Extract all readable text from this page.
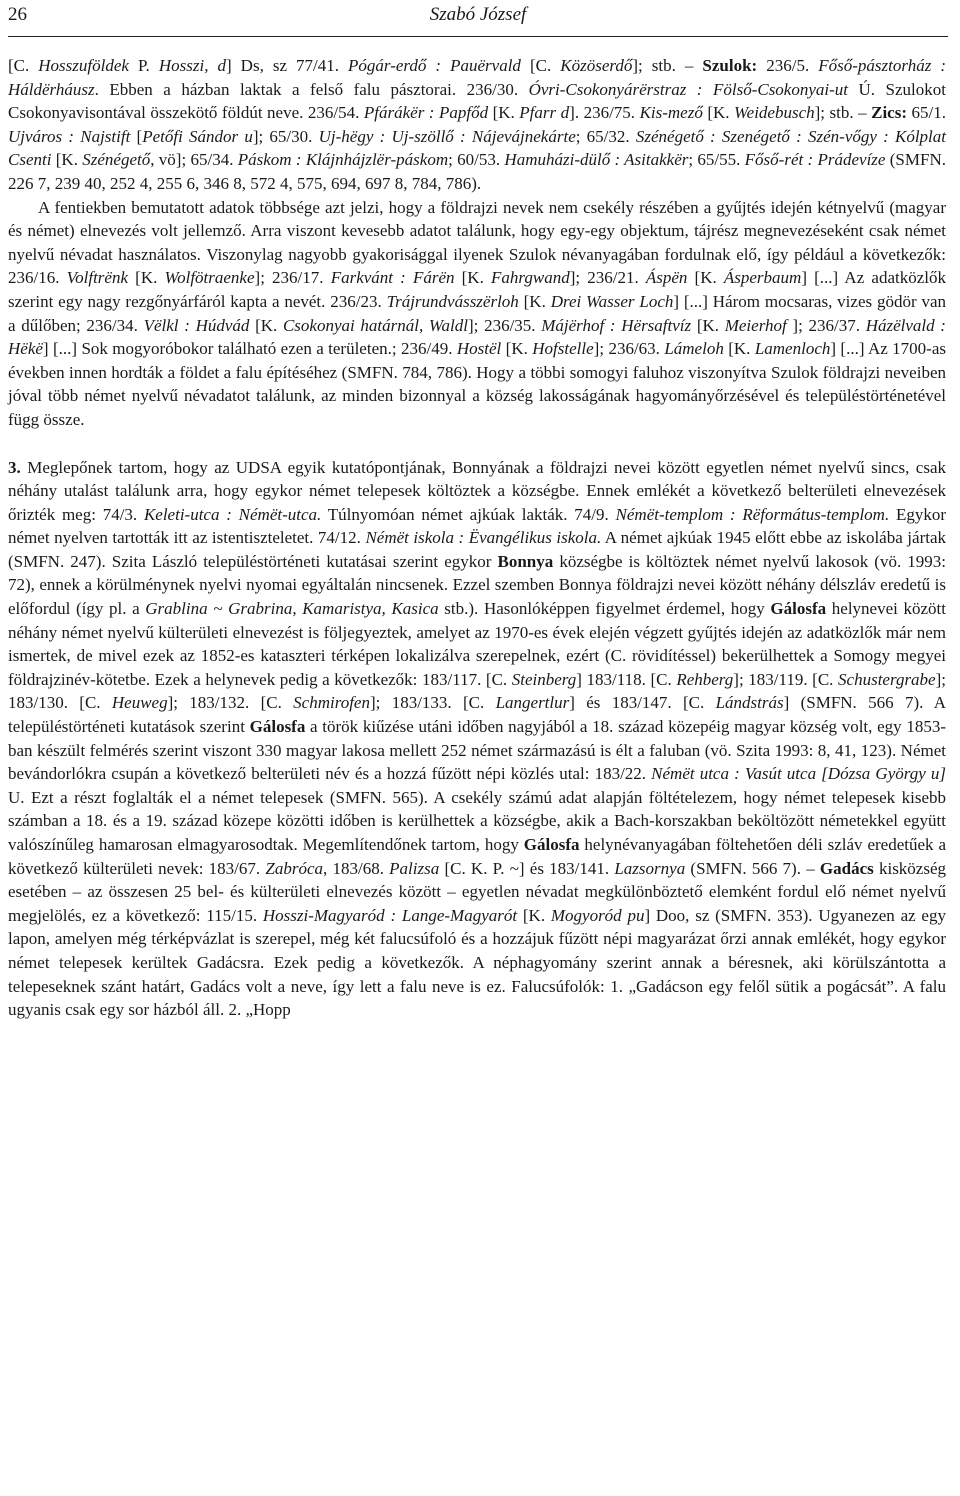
26	Szabó József

[C. Hosszuföldek P. Hosszi, d] Ds, sz 77/41. Pógár-erdő : Pauërvald [C. Közöserdő]; stb. – Szulok: 236/5. Főső-pásztorház : Háldërháusz. Ebben a házban laktak a felső falu pásztorai. 236/30. Óvri-Csokonyárërstraz : Fölső-Csokonyai-ut Ú. Szulokot Csokonyavisontával összekötő földút neve. 236/54. Pfárákër : Papfőd [K. Pfarr d]. 236/75. Kis-mező [K. Weidebusch]; stb. – Zics: 65/1. Ujváros : Najstift [Petőfi Sándor u]; 65/30. Uj-hëgy : Uj-szöllő : Nájevájnekárte; 65/32. Szénégető : Szenégető : Szén-vőgy : Kólplat Csenti [K. Szénégető, vö]; 65/34. Páskom : Klájnhájzlër-páskom; 60/53. Hamuházi-dülő : Asitakkër; 65/55. Főső-rét : Prádevíze (SMFN. 226 7, 239 40, 252 4, 255 6, 346 8, 572 4, 575, 694, 697 8, 784, 786).

A fentiekben bemutatott adatok többsége azt jelzi, hogy a földrajzi nevek nem csekély részében a gyűjtés idején kétnyelvű (magyar és német) elnevezés volt jellemző. Arra viszont kevesebb adatot találunk, hogy egy-egy objektum, tájrész megnevezéseként csak német nyelvű névadat használatos. Viszonylag nagyobb gyakorisággal ilyenek Szulok névanyagában fordulnak elő, így például a következők: 236/16. Volftrënk [K. Wolfötraenke]; 236/17. Farkvánt : Fárën [K. Fahrgwand]; 236/21. Áspën [K. Ásperbaum] [...] Az adatközlők szerint egy nagy rezgőnyárfáról kapta a nevét. 236/23. Trájrundvásszërloh [K. Drei Wasser Loch] [...] Három mocsaras, vizes gödör van a dűlőben; 236/34. Vëlkl : Húdvád [K. Csokonyai határnál, Waldl]; 236/35. Májërhof : Hërsaftvíz [K. Meierhof ]; 236/37. Házëlvald : Hëkë] [...] Sok mogyoróbokor található ezen a területen.; 236/49. Hostël [K. Hofstelle]; 236/63. Lámeloh [K. Lamenloch] [...] Az 1700-as években innen hordták a földet a falu építéséhez (SMFN. 784, 786). Hogy a többi somogyi faluhoz viszonyítva Szulok földrajzi neveiben jóval több német nyelvű névadatot találunk, az minden bizonnyal a község lakosságának hagyományőrzésével és településtörténetével függ össze.

3. Meglepőnek tartom, hogy az UDSA egyik kutatópontjának, Bonnyának a földrajzi nevei között egyetlen német nyelvű sincs, csak néhány utalást találunk arra, hogy egykor német telepesek költöztek a községbe. Ennek emlékét a következő belterületi elnevezések őrizték meg: 74/3. Keleti-utca : Némët-utca. Túlnyomóan német ajkúak lakták. 74/9. Némët-templom : Rëformátus-templom. Egykor német nyelven tartották itt az istentiszteletet. 74/12. Némët iskola : Ëvangélikus iskola. A német ajkúak 1945 előtt ebbe az iskolába jártak (SMFN. 247). Szita László településtörténeti kutatásai szerint egykor Bonnya községbe is költöztek német nyelvű lakosok (vö. 1993: 72), ennek a körülménynek nyelvi nyomai egyáltalán nincsenek. Ezzel szemben Bonnya földrajzi nevei között néhány délszláv eredetű is előfordul (így pl. a Grablina ~ Grabrina, Kamaristya, Kasica stb.). Hasonlóképpen figyelmet érdemel, hogy Gálosfa helynevei között néhány német nyelvű külterületi elnevezést is följegyeztek, amelyet az 1970-es évek elején végzett gyűjtés idején az adatközlők már nem ismertek, de mivel ezek az 1852-es kataszteri térképen lokalizálva szerepelnek, ezért (C. rövidítéssel) bekerülhettek a Somogy megyei földrajzinév-kötetbe. Ezek a helynevek pedig a következők: 183/117. [C. Steinberg] 183/118. [C. Rehberg]; 183/119. [C. Schustergrabe]; 183/130. [C. Heuweg]; 183/132. [C. Schmirofen]; 183/133. [C. Langertlur] és 183/147. [C. Lándstrás] (SMFN. 566 7). A településtörténeti kutatások szerint Gálosfa a török kiűzése utáni időben nagyjából a 18. század közepéig magyar község volt, egy 1853-ban készült felmérés szerint viszont 330 magyar lakosa mellett 252 német származású is élt a faluban (vö. Szita 1993: 8, 41, 123). Német bevándorlókra csupán a következő belterületi név és a hozzá fűzött népi közlés utal: 183/22. Némët utca : Vasút utca [Dózsa György u] U. Ezt a részt foglalták el a német telepesek (SMFN. 565). A csekély számú adat alapján föltételezem, hogy német telepesek kisebb számban a 18. és a 19. század közepe közötti időben is kerülhettek a községbe, akik a Bach-korszakban beköltözött németekkel együtt valószínűleg hamarosan elmagyarosodtak. Megemlítendőnek tartom, hogy Gálosfa helynévanyagában föltehetően déli szláv eredetűek a következő külterületi nevek: 183/67. Zabróca, 183/68. Palizsa [C. K. P. ~] és 183/141. Lazsornya (SMFN. 566 7). – Gadács kisközség esetében – az összesen 25 bel- és külterületi elnevezés között – egyetlen névadat megkülönböztető elemként fordul elő német nyelvű megjelölés, ez a következő: 115/15. Hosszi-Magyaród : Lange-Magyarót [K. Mogyoród pu] Doo, sz (SMFN. 353). Ugyanezen az egy lapon, amelyen még térképvázlat is szerepel, még két falucsúfoló és a hozzájuk fűzött népi magyarázat őrzi annak emlékét, hogy egykor német telepesek kerültek Gadácsra. Ezek pedig a következők. A néphagyomány szerint annak a béresnek, aki körülszántotta a telepeseknek szánt határt, Gadács volt a neve, így lett a falu neve is ez. Falucsúfolók: 1. „Gadácson egy felől sütik a pogácsát”. A falu ugyanis csak egy sor házból áll. 2. „Hopp
